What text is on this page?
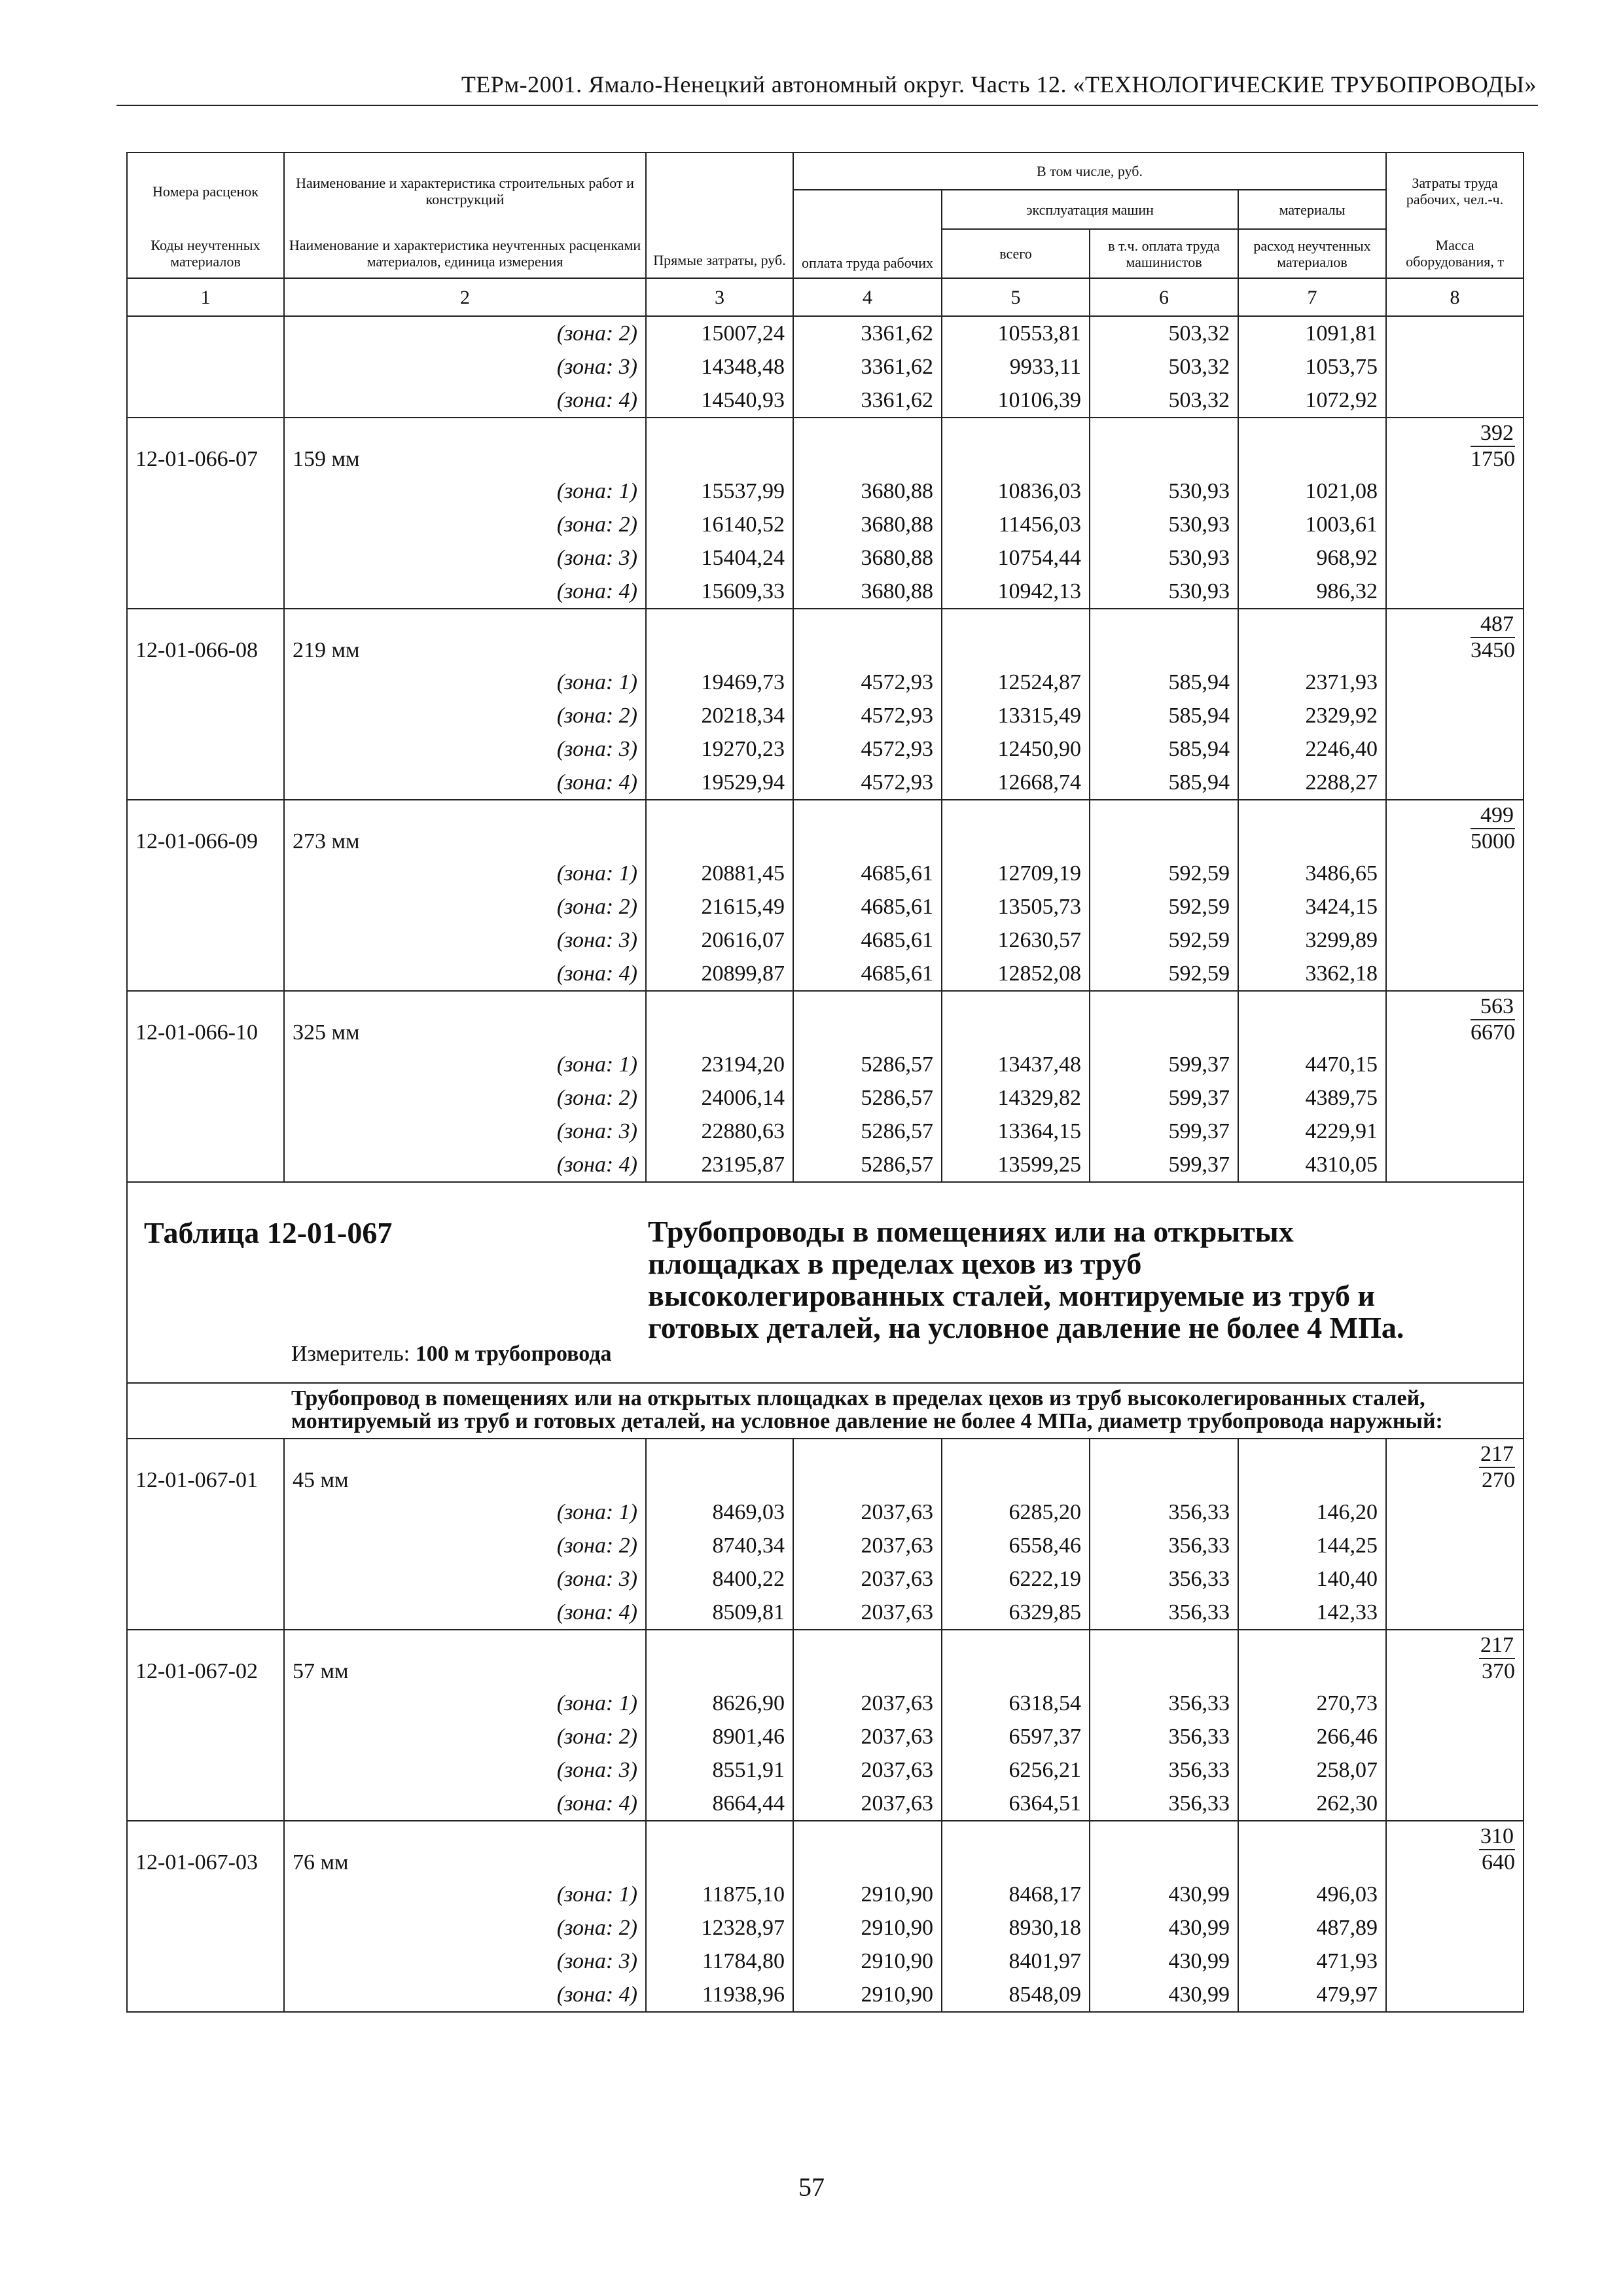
ТЕРм-2001. Ямало-Ненецкий автономный округ. Часть 12. «ТЕХНОЛОГИЧЕСКИЕ ТРУБОПРОВОДЫ»
Номера расценок	Наименование и характеристика строительных работ и конструкций	Прямые затраты, руб.	В том числе, руб.				Затраты труда рабочих, чел.-ч.
			оплата труда рабочих	эксплуатация машин		материалы	
Коды неучтенных материалов	Наименование и характеристика неучтенных расценками материалов, единица измерения			всего	в т.ч. оплата труда машинистов	расход неучтенных материалов	Масса оборудования, т
1	2	3	4	5	6	7	8
	(зона: 2)	15007,24	3361,62	10553,81	503,32	1091,81	
	(зона: 3)	14348,48	3361,62	9933,11	503,32	1053,75	
	(зона: 4)	14540,93	3361,62	10106,39	503,32	1072,92	
12-01-066-07	159 мм						$\frac{392}{1750}$

	(зона: 1)	15537,99	3680,88	10836,03	530,93	1021,08	
	(зона: 2)	16140,52	3680,88	11456,03	530,93	1003,61	
	(зона: 3)	15404,24	3680,88	10754,44	530,93	968,92	
	(зона: 4)	15609,33	3680,88	10942,13	530,93	986,32	
12-01-066-08	219 мм						$\frac{487}{3450}$

	(зона: 1)	19469,73	4572,93	12524,87	585,94	2371,93	
	(зона: 2)	20218,34	4572,93	13315,49	585,94	2329,92	
	(зона: 3)	19270,23	4572,93	12450,90	585,94	2246,40	
	(зона: 4)	19529,94	4572,93	12668,74	585,94	2288,27	
12-01-066-09	273 мм						$\frac{499}{5000}$

	(зона: 1)	20881,45	4685,61	12709,19	592,59	3486,65	
	(зона: 2)	21615,49	4685,61	13505,73	592,59	3424,15	
	(зона: 3)	20616,07	4685,61	12630,57	592,59	3299,89	
	(зона: 4)	20899,87	4685,61	12852,08	592,59	3362,18	
12-01-066-10	325 мм						$\frac{563}{6670}$

	(зона: 1)	23194,20	5286,57	13437,48	599,37	4470,15	
	(зона: 2)	24006,14	5286,57	14329,82	599,37	4389,75	
	(зона: 3)	22880,63	5286,57	13364,15	599,37	4229,91	
	(зона: 4)	23195,87	5286,57	13599,25	599,37	4310,05	

Таблица 12-01-067 Трубопроводы в помещениях или на открытых площадках в пределах цехов из труб высоколегированных сталей, монтируемые из труб и готовых деталей, на условное давление не более 4 МПа.
Измеритель: 100 м трубопровода							

Трубопровод в помещениях или на открытых площадках в пределах цехов из труб высоколегированных сталей, монтируемый из труб и готовых деталей, на условное давление не более 4 МПа, диаметр трубопровода наружный:							
12-01-067-01	45 мм						$\frac{217}{270}$

	(зона: 1)	8469,03	2037,63	6285,20	356,33	146,20	
	(зона: 2)	8740,34	2037,63	6558,46	356,33	144,25	
	(зона: 3)	8400,22	2037,63	6222,19	356,33	140,40	
	(зона: 4)	8509,81	2037,63	6329,85	356,33	142,33	
12-01-067-02	57 мм						$\frac{217}{370}$

	(зона: 1)	8626,90	2037,63	6318,54	356,33	270,73	
	(зона: 2)	8901,46	2037,63	6597,37	356,33	266,46	
	(зона: 3)	8551,91	2037,63	6256,21	356,33	258,07	
	(зона: 4)	8664,44	2037,63	6364,51	356,33	262,30	
12-01-067-03	76 мм						$\frac{310}{640}$

	(зона: 1)	11875,10	2910,90	8468,17	430,99	496,03	
	(зона: 2)	12328,97	2910,90	8930,18	430,99	487,89	
	(зона: 3)	11784,80	2910,90	8401,97	430,99	471,93	
	(зона: 4)	11938,96	2910,90	8548,09	430,99	479,97	
57
